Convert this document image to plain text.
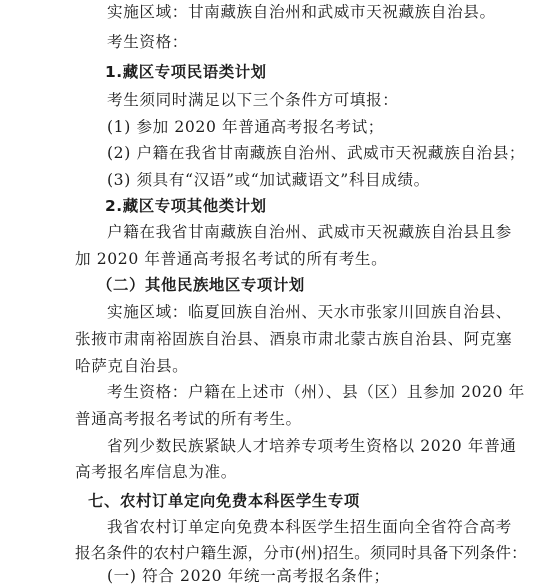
实施区域：甘南藏族自治州和武威市天祝藏族自治县。
考生资格：
1.藏区专项民语类计划
考生须同时满足以下三个条件方可填报：
(1) 参加 2020 年普通高考报名考试；
(2) 户籍在我省甘南藏族自治州、武威市天祝藏族自治县；
(3) 须具有“汉语”或“加试藏语文”科目成绩。
2.藏区专项其他类计划
户籍在我省甘南藏族自治州、武威市天祝藏族自治县且参
加 2020 年普通高考报名考试的所有考生。
（二）其他民族地区专项计划
实施区域：临夏回族自治州、天水市张家川回族自治县、
张掖市肃南裕固族自治县、酒泉市肃北蒙古族自治县、阿克塞
哈萨克自治县。
考生资格：户籍在上述市（州）、县（区）且参加 2020 年
普通高考报名考试的所有考生。
省列少数民族紧缺人才培养专项考生资格以 2020 年普通
高考报名库信息为准。
七、农村订单定向免费本科医学生专项
我省农村订单定向免费本科医学生招生面向全省符合高考
报名条件的农村户籍生源，分市(州)招生。须同时具备下列条件：
(一) 符合 2020 年统一高考报名条件；
